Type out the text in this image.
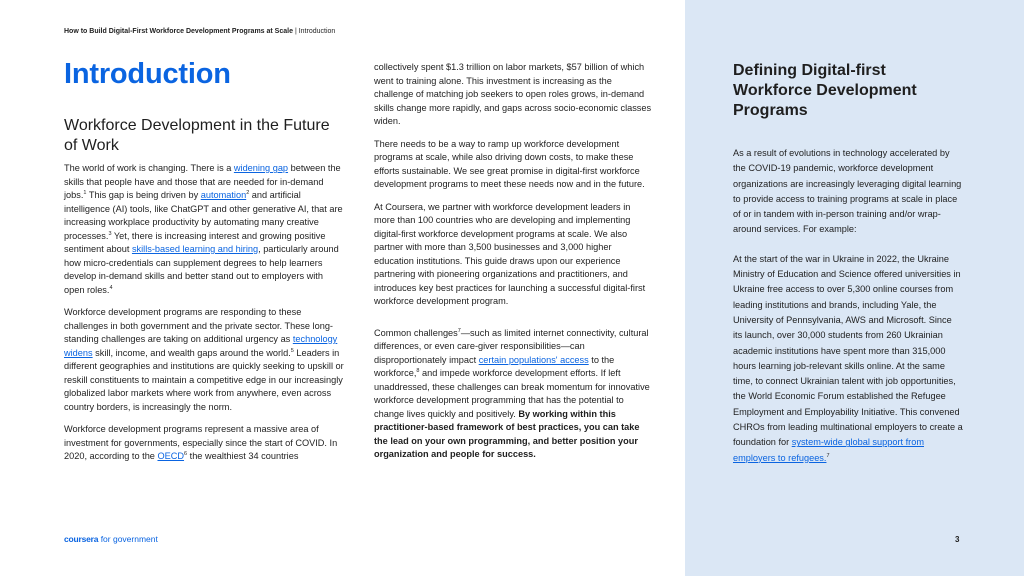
How to Build Digital-First Workforce Development Programs at Scale | Introduction
Introduction
Workforce Development in the Future of Work

The world of work is changing. There is a widening gap between the skills that people have and those that are needed for in-demand jobs.$^1$ This gap is being driven by automation$^2$ and artificial intelligence (AI) tools, like ChatGPT and other generative AI, that are increasing workplace productivity by automating many creative processes.$^3$ Yet, there is increasing interest and growing positive sentiment about skills-based learning and hiring, particularly around how micro-credentials can supplement degrees to help learners develop in-demand skills and better stand out to employers with open roles.$^4$

Workforce development programs are responding to these challenges in both government and the private sector. These long-standing challenges are taking on additional urgency as technology widens skill, income, and wealth gaps around the world.$^5$ Leaders in different geographies and institutions are quickly seeking to upskill or reskill constituents to maintain a competitive edge in our increasingly globalized labor markets where work from anywhere, even across country borders, is increasingly the norm.

Workforce development programs represent a massive area of investment for governments, especially since the start of COVID. In 2020, according to the OECD$^6$ the wealthiest 34 countries

collectively spent $1.3 trillion on labor markets, $57 billion of which went to training alone. This investment is increasing as the challenge of matching job seekers to open roles grows, in-demand skills change more rapidly, and gaps across socio-economic classes widen.

There needs to be a way to ramp up workforce development programs at scale, while also driving down costs, to make these efforts sustainable. We see great promise in digital-first workforce development programs to meet these needs now and in the future.

At Coursera, we partner with workforce development leaders in more than 100 countries who are developing and implementing digital-first workforce development programs at scale. We also partner with more than 3,500 businesses and 3,000 higher education institutions. This guide draws upon our experience partnering with pioneering organizations and practitioners, and introduces key best practices for launching a successful digital-first workforce development program.

Common challenges$^7$—such as limited internet connectivity, cultural differences, or even care-giver responsibilities—can disproportionately impact certain populations' access to the workforce,$^8$ and impede workforce development efforts. If left unaddressed, these challenges can break momentum for innovative workforce development programming that has the potential to change lives quickly and positively. By working within this practitioner-based framework of best practices, you can take the lead on your own programming, and better position your organization and people for success.

Defining Digital-first Workforce Development Programs

As a result of evolutions in technology accelerated by the COVID-19 pandemic, workforce development organizations are increasingly leveraging digital learning to provide access to training programs at scale in place of or in tandem with in-person training and/or wrap-around services. For example:

At the start of the war in Ukraine in 2022, the Ukraine Ministry of Education and Science offered universities in Ukraine free access to over 5,300 online courses from leading institutions and brands, including Yale, the University of Pennsylvania, AWS and Microsoft. Since its launch, over 30,000 students from 260 Ukrainian academic institutions have spent more than 315,000 hours learning job-relevant skills online. At the same time, to connect Ukrainian talent with job opportunities, the World Economic Forum established the Refugee Employment and Employability Initiative. This convened CHROs from leading multinational employers to create a foundation for system-wide global support from employers to refugees.$^7$

coursera for government	3
